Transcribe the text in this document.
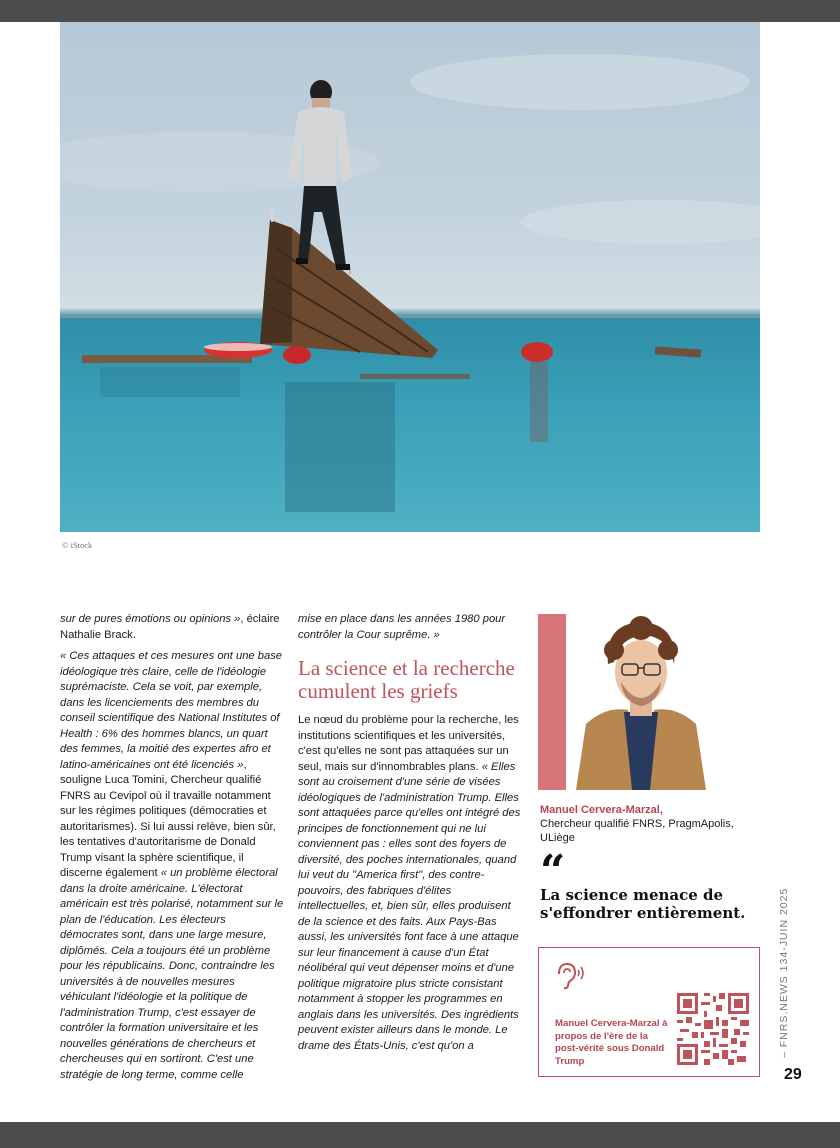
© iStock

sur de pures émotions ou opinions », éclaire Nathalie Brack.

« Ces attaques et ces mesures ont une base idéologique très claire, celle de l'idéologie suprémaciste. Cela se voit, par exemple, dans les licenciements des membres du conseil scientifique des National Institutes of Health : 6% des hommes blancs, un quart des femmes, la moitié des expertes afro et latino-américaines ont été licenciés », souligne Luca Tomini, Chercheur qualifié FNRS au Cevipol où il travaille notamment sur les régimes politiques (démocraties et autoritarismes). Si lui aussi relève, bien sûr, les tentatives d'autoritarisme de Donald Trump visant la sphère scientifique, il discerne également « un problème électoral dans la droite américaine. L'électorat américain est très polarisé, notamment sur le plan de l'éducation. Les électeurs démocrates sont, dans une large mesure, diplômés. Cela a toujours été un problème pour les républicains. Donc, contraindre les universités à de nouvelles mesures véhiculant l'idéologie et la politique de l'administration Trump, c'est essayer de contrôler la formation universitaire et les nouvelles générations de chercheurs et chercheuses qui en sortiront. C'est une stratégie de long terme, comme celle

mise en place dans les années 1980 pour contrôler la Cour suprême. »

La science et la recherche cumulent les griefs

Le nœud du problème pour la recherche, les institutions scientifiques et les universités, c'est qu'elles ne sont pas attaquées sur un seul, mais sur d'innombrables plans. « Elles sont au croisement d'une série de visées idéologiques de l'administration Trump. Elles sont attaquées parce qu'elles ont intégré des principes de fonctionnement qui ne lui conviennent pas : elles sont des foyers de diversité, des poches internationales, quand lui veut du "America first", des contre-pouvoirs, des fabriques d'élites intellectuelles, et, bien sûr, elles produisent de la science et des faits. Aux Pays-Bas aussi, les universités font face à une attaque sur leur financement à cause d'un État néolibéral qui veut dépenser moins et d'une politique migratoire plus stricte consistant notamment à stopper les programmes en anglais dans les universités. Des ingrédients peuvent exister ailleurs dans le monde. Le drame des États-Unis, c'est qu'on a

Manuel Cervera-Marzal,
Chercheur qualifié FNRS, PragmApolis, ULiège
“
La science menace de s'effondrer entièrement.
Manuel Cervera-Marzal à propos de l'ère de la post-vérité sous Donald Trump
– FNRS.NEWS 134-JUIN 2025
29
